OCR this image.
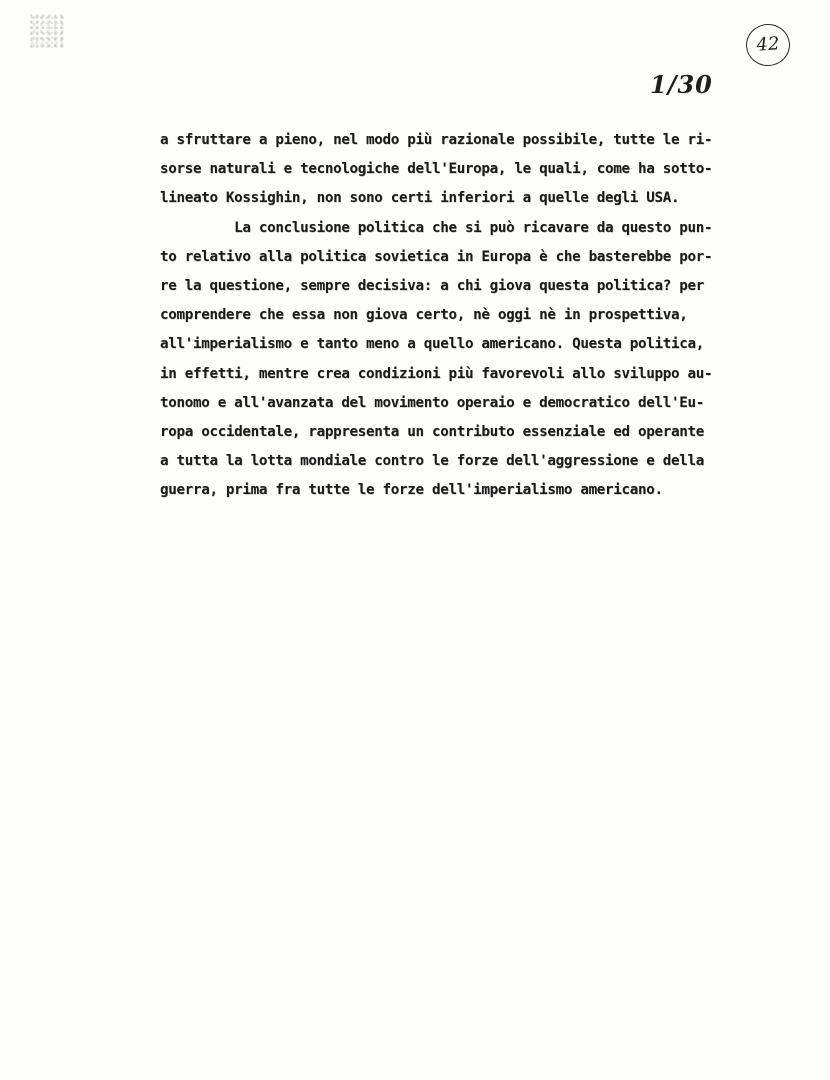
42
1/30
a sfruttare a pieno, nel modo più razionale possibile, tutte le ri-
sorse naturali e tecnologiche dell'Europa, le quali, come ha sotto-
lineato Kossighin, non sono certi inferiori a quelle degli USA.
La conclusione politica che si può ricavare da questo pun-
to relativo alla politica sovietica in Europa è che basterebbe por-
re la questione, sempre decisiva: a chi giova questa politica? per
comprendere che essa non giova certo, nè oggi nè in prospettiva,
all'imperialismo e tanto meno a quello americano. Questa politica,
in effetti, mentre crea condizioni più favorevoli allo sviluppo au-
tonomo e all'avanzata del movimento operaio e democratico dell'Eu-
ropa occidentale, rappresenta un contributo essenziale ed operante
a tutta la lotta mondiale contro le forze dell'aggressione e della
guerra, prima fra tutte le forze dell'imperialismo americano.
